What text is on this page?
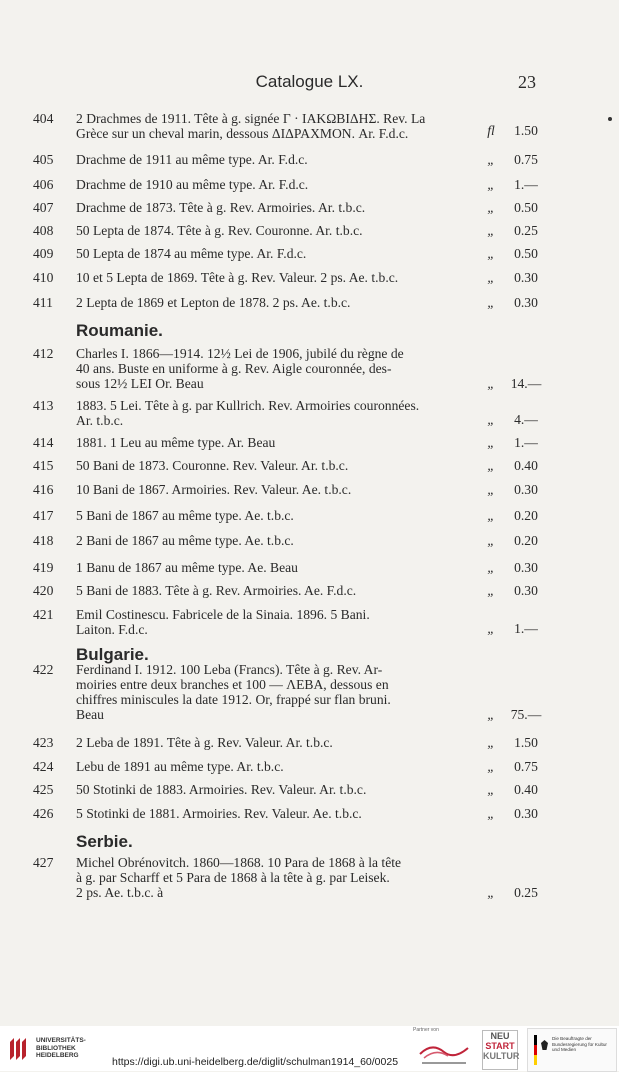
Catalogue LX.	23
404	2 Drachmes de 1911. Tête à g. signée Γ · ΙΑΚΩΒΙΔΗΣ. Rev. La
Grèce sur un cheval marin, dessous ΔΙΔΡΑΧΜΟΝ. Ar. F.d.c.	fl	1.50
405	Drachme de 1911 au même type. Ar. F.d.c.	„	0.75
406	Drachme de 1910 au même type. Ar. F.d.c.	„	1.—
407	Drachme de 1873. Tête à g. Rev. Armoiries. Ar. t.b.c.	„	0.50
408	50 Lepta de 1874. Tête à g. Rev. Couronne. Ar. t.b.c.	„	0.25
409	50 Lepta de 1874 au même type. Ar. F.d.c.	„	0.50
410	10 et 5 Lepta de 1869. Tête à g. Rev. Valeur. 2 ps. Ae. t.b.c.	„	0.30
411	2 Lepta de 1869 et Lepton de 1878. 2 ps. Ae. t.b.c.	„	0.30
412	Charles I. 1866—1914. 12½ Lei de 1906, jubilé du règne de
40 ans. Buste en uniforme à g. Rev. Aigle couronnée, des-
sous 12½ LEI Or. Beau	„	14.—
413	1883. 5 Lei. Tête à g. par Kullrich. Rev. Armoiries couronnées.
Ar. t.b.c.	„	4.—
414	1881. 1 Leu au même type. Ar. Beau	„	1.—
415	50 Bani de 1873. Couronne. Rev. Valeur. Ar. t.b.c.	„	0.40
416	10 Bani de 1867. Armoiries. Rev. Valeur. Ae. t.b.c.	„	0.30
417	5 Bani de 1867 au même type. Ae. t.b.c.	„	0.20
418	2 Bani de 1867 au même type. Ae. t.b.c.	„	0.20
419	1 Banu de 1867 au même type. Ae. Beau	„	0.30
420	5 Bani de 1883. Tête à g. Rev. Armoiries. Ae. F.d.c.	„	0.30
421	Emil Costinescu. Fabricele de la Sinaia. 1896. 5 Bani.
Laiton. F.d.c.	„	1.—
422	Ferdinand I. 1912. 100 Leba (Francs). Tête à g. Rev. Ar-
moiries entre deux branches et 100 — ΛΕΒΑ, dessous en
chiffres miniscules la date 1912. Or, frappé sur flan bruni.
Beau	„	75.—
423	2 Leba de 1891. Tête à g. Rev. Valeur. Ar. t.b.c.	„	1.50
424	Lebu de 1891 au même type. Ar. t.b.c.	„	0.75
425	50 Stotinki de 1883. Armoiries. Rev. Valeur. Ar. t.b.c.	„	0.40
426	5 Stotinki de 1881. Armoiries. Rev. Valeur. Ae. t.b.c.	„	0.30
427	Michel Obrénovitch. 1860—1868. 10 Para de 1868 à la tête
à g. par Scharff et 5 Para de 1868 à la tête à g. par Leisek.
2 ps. Ae. t.b.c. à	„	0.25
Roumanie.
Bulgarie.
Serbie.
UNIVERSITÄTS-
BIBLIOTHEK
HEIDELBERG
https://digi.ub.uni-heidelberg.de/diglit/schulman1914_60/0025
Partner von
NEU
START
KULTUR
Die Beauftragte der Bundesregierung für Kultur und Medien
